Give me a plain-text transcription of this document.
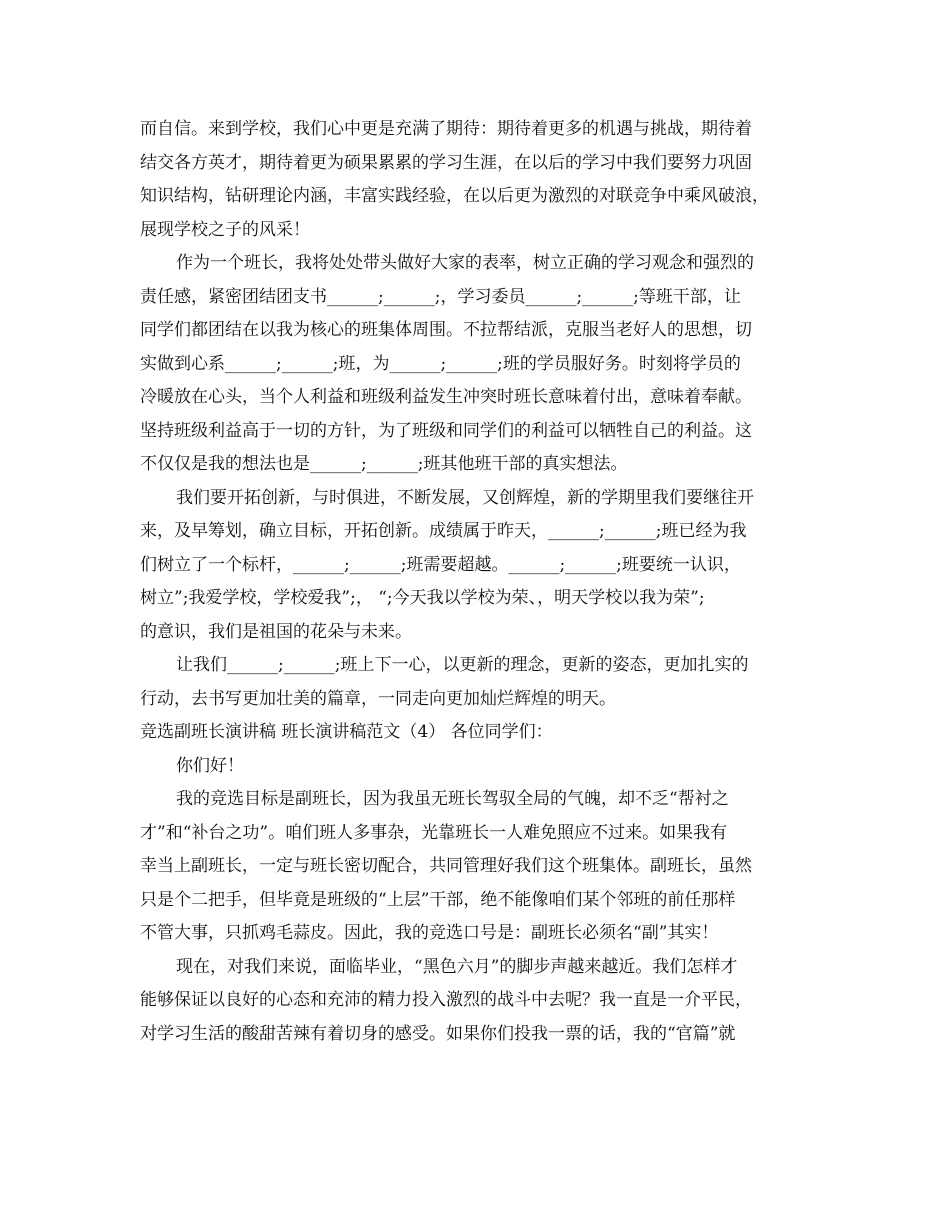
而自信。来到学校，我们心中更是充满了期待：期待着更多的机遇与挑战，期待着
结交各方英才，期待着更为硕果累累的学习生涯，在以后的学习中我们要努力巩固
知识结构，钻研理论内涵，丰富实践经验，在以后更为激烈的对联竞争中乘风破浪，
展现学校之子的风采！
作为一个班长，我将处处带头做好大家的表率，树立正确的学习观念和强烈的
责任感，紧密团结团支书______;______;，学习委员______;______;等班干部，让
同学们都团结在以我为核心的班集体周围。不拉帮结派，克服当老好人的思想，切
实做到心系______;______;班，为______;______;班的学员服好务。时刻将学员的
冷暖放在心头，当个人利益和班级利益发生冲突时班长意味着付出，意味着奉献。
坚持班级利益高于一切的方针，为了班级和同学们的利益可以牺牲自己的利益。这
不仅仅是我的想法也是______;______;班其他班干部的真实想法。
我们要开拓创新，与时俱进，不断发展，又创辉煌，新的学期里我们要继往开
来，及早筹划，确立目标，开拓创新。成绩属于昨天，______;______;班已经为我
们树立了一个标杆，______;______;班需要超越。______;______;班要统一认识，
树立”;我爱学校，学校爱我”;， “;今天我以学校为荣、，明天学校以我为荣”;
的意识，我们是祖国的花朵与未来。
让我们______;______;班上下一心，以更新的理念，更新的姿态，更加扎实的
行动，去书写更加壮美的篇章，一同走向更加灿烂辉煌的明天。
竞选副班长演讲稿 班长演讲稿范文（4） 各位同学们：
你们好！
我的竞选目标是副班长，因为我虽无班长驾驭全局的气魄，却不乏“帮衬之
才”和“补台之功”。咱们班人多事杂，光靠班长一人难免照应不过来。如果我有
幸当上副班长，一定与班长密切配合，共同管理好我们这个班集体。副班长，虽然
只是个二把手，但毕竟是班级的“上层”干部，绝不能像咱们某个邻班的前任那样
不管大事，只抓鸡毛蒜皮。因此，我的竞选口号是：副班长必须名“副”其实！
现在，对我们来说，面临毕业，“黑色六月”的脚步声越来越近。我们怎样才
能够保证以良好的心态和充沛的精力投入激烈的战斗中去呢？我一直是一介平民，
对学习生活的酸甜苦辣有着切身的感受。如果你们投我一票的话，我的“官篇”就
